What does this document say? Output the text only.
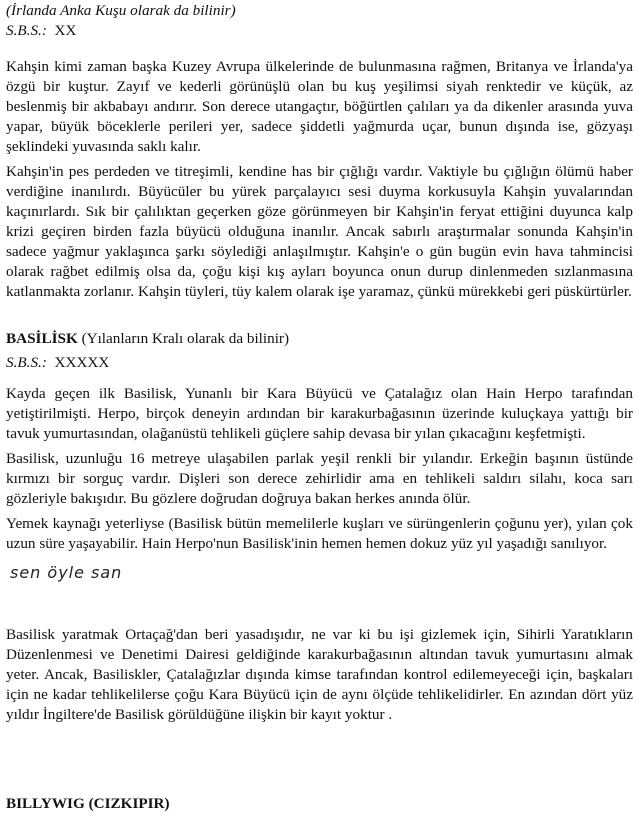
(İrlanda Anka Kuşu olarak da bilinir)

S.B.S.: XX

Kahşin kimi zaman başka Kuzey Avrupa ülkelerinde de bulunmasına rağmen, Britanya ve İrlanda'ya özgü bir kuştur. Zayıf ve kederli görünüşlü olan bu kuş yeşilimsi siyah renktedir ve küçük, az beslenmiş bir akbabayı andırır. Son derece utangaçtır, böğürtlen çalıları ya da dikenler arasında yuva yapar, büyük böceklerle perileri yer, sadece şiddetli yağmurda uçar, bunun dışında ise, gözyaşı şeklindeki yuvasında saklı kalır.

Kahşin'in pes perdeden ve titreşimli, kendine has bir çığlığı vardır. Vaktiyle bu çığlığın ölümü haber verdiğine inanılırdı. Büyücüler bu yürek parçalayıcı sesi duyma korkusuyla Kahşin yuvalarından kaçınırlardı. Sık bir çalılıktan geçerken göze görünmeyen bir Kahşin'in feryat ettiğini duyunca kalp krizi geçiren birden fazla büyücü olduğuna inanılır. Ancak sabırlı araştırmalar sonunda Kahşin'in sadece yağmur yaklaşınca şarkı söylediği anlaşılmıştır. Kahşin'e o gün bugün evin hava tahmincisi olarak rağbet edilmiş olsa da, çoğu kişi kış ayları boyunca onun durup dinlenmeden sızlanmasına katlanmakta zorlanır. Kahşin tüyleri, tüy kalem olarak işe yaramaz, çünkü mürekkebi geri püskürtürler.

BASİLİSK (Yılanların Kralı olarak da bilinir)

S.B.S.: XXXXX

Kayda geçen ilk Basilisk, Yunanlı bir Kara Büyücü ve Çatalağız olan Hain Herpo tarafından yetiştirilmişti. Herpo, birçok deneyin ardından bir karakurbağasının üzerinde kuluçkaya yattığı bir tavuk yumurtasından, olağanüstü tehlikeli güçlere sahip devasa bir yılan çıkacağını keşfetmişti.

Basilisk, uzunluğu 16 metreye ulaşabilen parlak yeşil renkli bir yılandır. Erkeğin başının üstünde kırmızı bir sorguç vardır. Dişleri son derece zehirlidir ama en tehlikeli saldırı silahı, koca sarı gözleriyle bakışıdır. Bu gözlere doğrudan doğruya bakan herkes anında ölür.

Yemek kaynağı yeterliyse (Basilisk bütün memelilerle kuşları ve sürüngenlerin çoğunu yer), yılan çok uzun süre yaşayabilir. Hain Herpo'nun Basilisk'inin hemen hemen dokuz yüz yıl yaşadığı sanılıyor.

sen öyle san

Basilisk yaratmak Ortaçağ'dan beri yasadışıdır, ne var ki bu işi gizlemek için, Sihirli Yaratıkların Düzenlenmesi ve Denetimi Dairesi geldiğinde karakurbağasının altından tavuk yumurtasını almak yeter. Ancak, Basiliskler, Çatalağızlar dışında kimse tarafından kontrol edilemeyeceği için, başkaları için ne kadar tehlikelilerse çoğu Kara Büyücü için de aynı ölçüde tehlikelidirler. En azından dört yüz yıldır İngiltere'de Basilisk görüldüğüne ilişkin bir kayıt yoktur .

BILLYWIG (CIZKIPIR)
